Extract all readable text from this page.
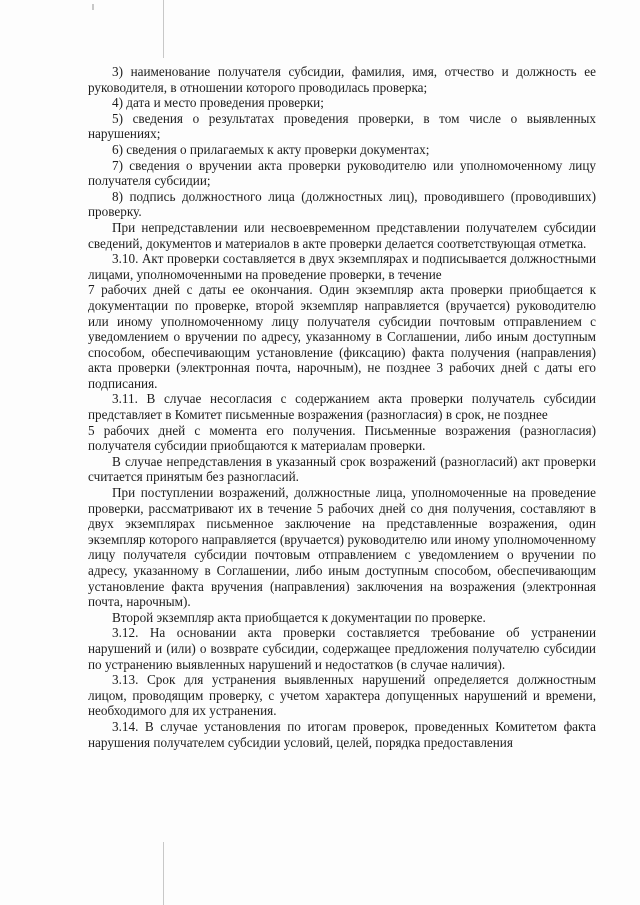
3) наименование получателя субсидии, фамилия, имя, отчество и должность ее руководителя, в отношении которого проводилась проверка;

4) дата и место проведения проверки;

5) сведения о результатах проведения проверки, в том числе о выявленных нарушениях;

6) сведения о прилагаемых к акту проверки документах;

7) сведения о вручении акта проверки руководителю или уполномоченному лицу получателя субсидии;

8) подпись должностного лица (должностных лиц), проводившего (проводивших) проверку.

При непредставлении или несвоевременном представлении получателем субсидии сведений, документов и материалов в акте проверки делается соответствующая отметка.

3.10. Акт проверки составляется в двух экземплярах и подписывается должностными лицами, уполномоченными на проведение проверки, в течение

7 рабочих дней с даты ее окончания. Один экземпляр акта проверки приобщается к документации по проверке, второй экземпляр направляется (вручается) руководителю или иному уполномоченному лицу получателя субсидии почтовым отправлением с уведомлением о вручении по адресу, указанному в Соглашении, либо иным доступным способом, обеспечивающим установление (фиксацию) факта получения (направления) акта проверки (электронная почта, нарочным), не позднее 3 рабочих дней с даты его подписания.

3.11. В случае несогласия с содержанием акта проверки получатель субсидии представляет в Комитет письменные возражения (разногласия) в срок, не позднее

5 рабочих дней с момента его получения. Письменные возражения (разногласия) получателя субсидии приобщаются к материалам проверки.

В случае непредставления в указанный срок возражений (разногласий) акт проверки считается принятым без разногласий.

При поступлении возражений, должностные лица, уполномоченные на проведение проверки, рассматривают их в течение 5 рабочих дней со дня получения, составляют в двух экземплярах письменное заключение на представленные возражения, один экземпляр которого направляется (вручается) руководителю или иному уполномоченному лицу получателя субсидии почтовым отправлением с уведомлением о вручении по адресу, указанному в Соглашении, либо иным доступным способом, обеспечивающим установление факта вручения (направления) заключения на возражения (электронная почта, нарочным).

Второй экземпляр акта приобщается к документации по проверке.

3.12. На основании акта проверки составляется требование об устранении нарушений и (или) о возврате субсидии, содержащее предложения получателю субсидии по устранению выявленных нарушений и недостатков (в случае наличия).

3.13. Срок для устранения выявленных нарушений определяется должностным лицом, проводящим проверку, с учетом характера допущенных нарушений и времени, необходимого для их устранения.

3.14. В случае установления по итогам проверок, проведенных Комитетом факта нарушения получателем субсидии условий, целей, порядка предоставления
